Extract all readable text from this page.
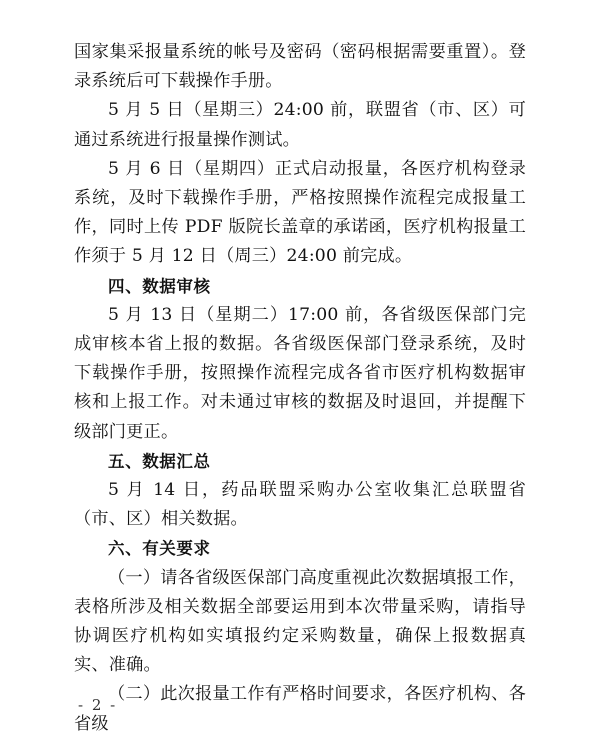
国家集采报量系统的帐号及密码（密码根据需要重置）。登录系统后可下载操作手册。

5 月 5 日（星期三）24:00 前，联盟省（市、区）可通过系统进行报量操作测试。

5 月 6 日（星期四）正式启动报量，各医疗机构登录系统，及时下载操作手册，严格按照操作流程完成报量工作，同时上传 PDF 版院长盖章的承诺函，医疗机构报量工作须于 5 月 12 日（周三）24:00 前完成。

四、数据审核

5 月 13 日（星期二）17:00 前，各省级医保部门完成审核本省上报的数据。各省级医保部门登录系统，及时下载操作手册，按照操作流程完成各省市医疗机构数据审核和上报工作。对未通过审核的数据及时退回，并提醒下级部门更正。

五、数据汇总

5 月 14 日，药品联盟采购办公室收集汇总联盟省（市、区）相关数据。

六、有关要求

（一）请各省级医保部门高度重视此次数据填报工作，表格所涉及相关数据全部要运用到本次带量采购，请指导协调医疗机构如实填报约定采购数量，确保上报数据真实、准确。

（二）此次报量工作有严格时间要求，各医疗机构、各省级

- 2 -
